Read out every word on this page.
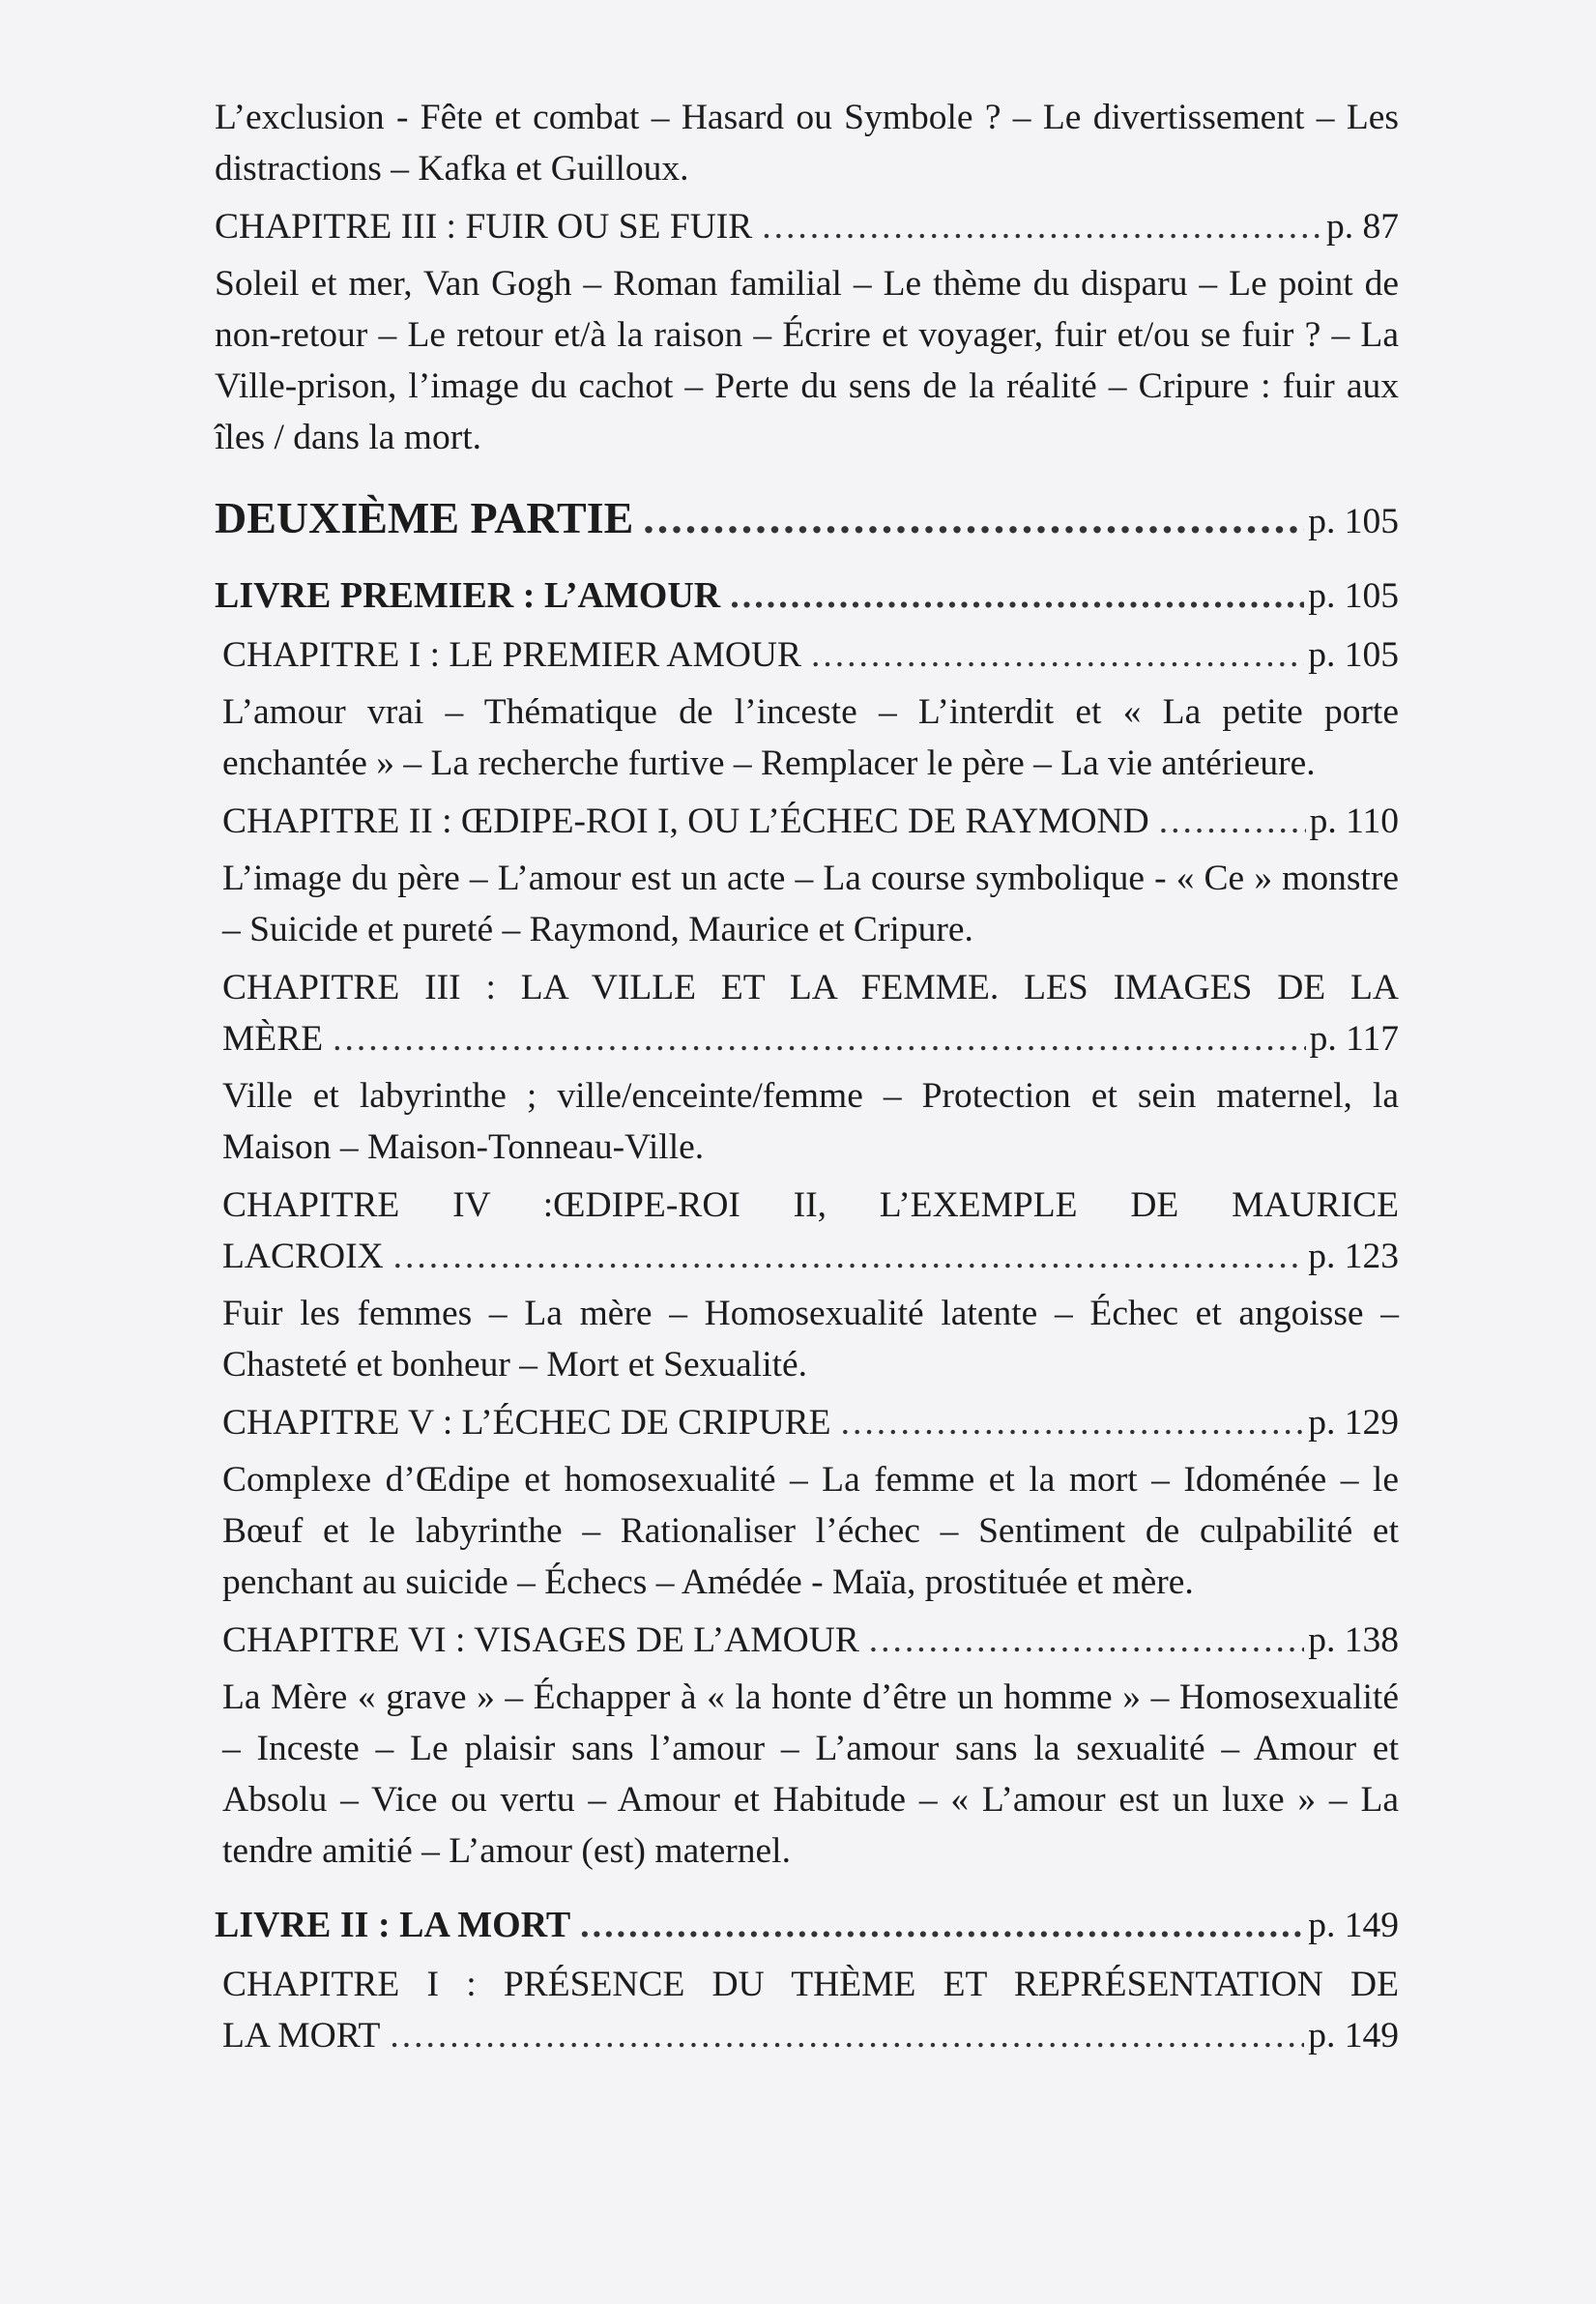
L’exclusion - Fête et combat – Hasard ou Symbole ? – Le divertissement – Les distractions – Kafka et Guilloux.

CHAPITRE III : FUIR OU SE FUIR .....	p. 87

Soleil et mer, Van Gogh – Roman familial – Le thème du disparu – Le point de non-retour – Le retour et/à la raison – Écrire et voyager, fuir et/ou se fuir ? – La Ville-prison, l’image du cachot – Perte du sens de la réalité – Cripure : fuir aux îles / dans la mort.

DEUXIÈME PARTIE .....	p. 105
LIVRE PREMIER : L’AMOUR .....	p. 105
CHAPITRE I : LE PREMIER AMOUR .....	p. 105

L’amour vrai – Thématique de l’inceste – L’interdit et « La petite porte enchantée » – La recherche furtive – Remplacer le père – La vie antérieure.

CHAPITRE II : ŒDIPE-ROI I, OU L’ÉCHEC DE RAYMOND .....	p. 110

L’image du père – L’amour est un acte – La course symbolique - « Ce » monstre – Suicide et pureté – Raymond, Maurice et Cripure.

CHAPITRE III : LA VILLE ET LA FEMME. LES IMAGES DE LA
MÈRE .....	p. 117

Ville et labyrinthe ; ville/enceinte/femme – Protection et sein maternel, la Maison – Maison-Tonneau-Ville.

CHAPITRE IV :ŒDIPE-ROI II, L’EXEMPLE DE MAURICE
LACROIX .....	p. 123

Fuir les femmes – La mère – Homosexualité latente – Échec et angoisse – Chasteté et bonheur – Mort et Sexualité.

CHAPITRE V : L’ÉCHEC DE CRIPURE .....	p. 129

Complexe d’Œdipe et homosexualité – La femme et la mort – Idoménée – le Bœuf et le labyrinthe – Rationaliser l’échec – Sentiment de culpabilité et penchant au suicide – Échecs – Amédée - Maïa, prostituée et mère.

CHAPITRE VI : VISAGES DE L’AMOUR .....	p. 138

La Mère « grave » – Échapper à « la honte d’être un homme » – Homosexualité – Inceste – Le plaisir sans l’amour – L’amour sans la sexualité – Amour et Absolu – Vice ou vertu – Amour et Habitude – « L’amour est un luxe » – La tendre amitié – L’amour (est) maternel.

LIVRE II : LA MORT .....	p. 149
CHAPITRE I : PRÉSENCE DU THÈME ET REPRÉSENTATION DE
LA MORT .....	p. 149
